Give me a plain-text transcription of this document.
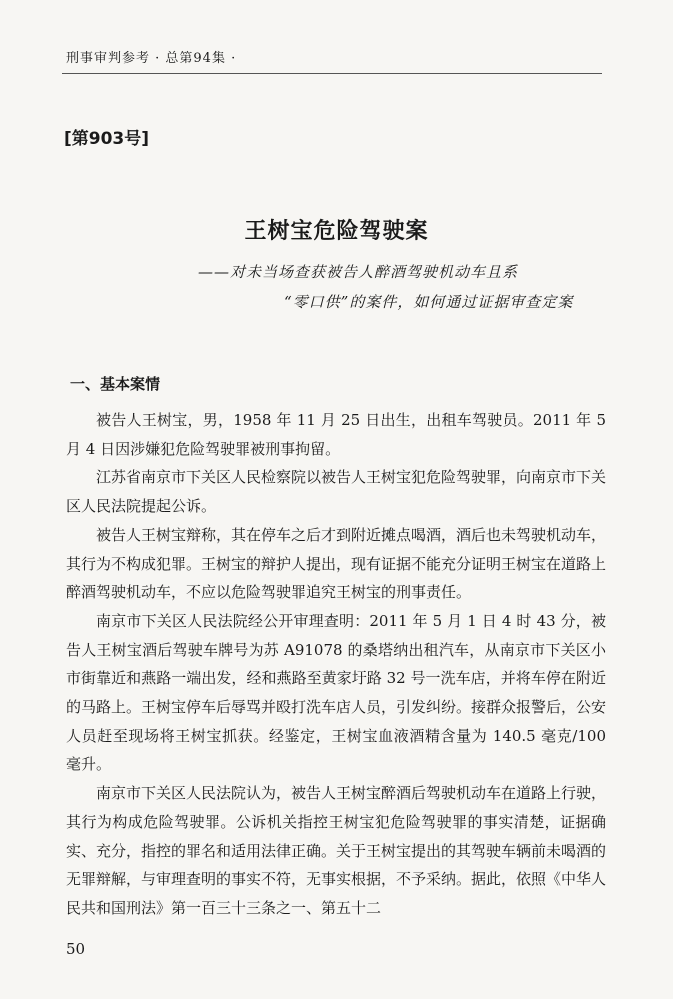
刑事审判参考 · 总第94集 ·
[第903号]
王树宝危险驾驶案
——对未当场查获被告人醉酒驾驶机动车且系
“零口供”的案件，如何通过证据审查定案
一、基本案情

被告人王树宝，男，1958 年 11 月 25 日出生，出租车驾驶员。2011 年 5 月 4 日因涉嫌犯危险驾驶罪被刑事拘留。

江苏省南京市下关区人民检察院以被告人王树宝犯危险驾驶罪，向南京市下关区人民法院提起公诉。

被告人王树宝辩称，其在停车之后才到附近摊点喝酒，酒后也未驾驶机动车，其行为不构成犯罪。王树宝的辩护人提出，现有证据不能充分证明王树宝在道路上醉酒驾驶机动车，不应以危险驾驶罪追究王树宝的刑事责任。

南京市下关区人民法院经公开审理查明：2011 年 5 月 1 日 4 时 43 分，被告人王树宝酒后驾驶车牌号为苏 A91078 的桑塔纳出租汽车，从南京市下关区小市街靠近和燕路一端出发，经和燕路至黄家圩路 32 号一洗车店，并将车停在附近的马路上。王树宝停车后辱骂并殴打洗车店人员，引发纠纷。接群众报警后，公安人员赶至现场将王树宝抓获。经鉴定，王树宝血液酒精含量为 140.5 毫克/100 毫升。

南京市下关区人民法院认为，被告人王树宝醉酒后驾驶机动车在道路上行驶，其行为构成危险驾驶罪。公诉机关指控王树宝犯危险驾驶罪的事实清楚，证据确实、充分，指控的罪名和适用法律正确。关于王树宝提出的其驾驶车辆前未喝酒的无罪辩解，与审理查明的事实不符，无事实根据，不予采纳。据此，依照《中华人民共和国刑法》第一百三十三条之一、第五十二

50
